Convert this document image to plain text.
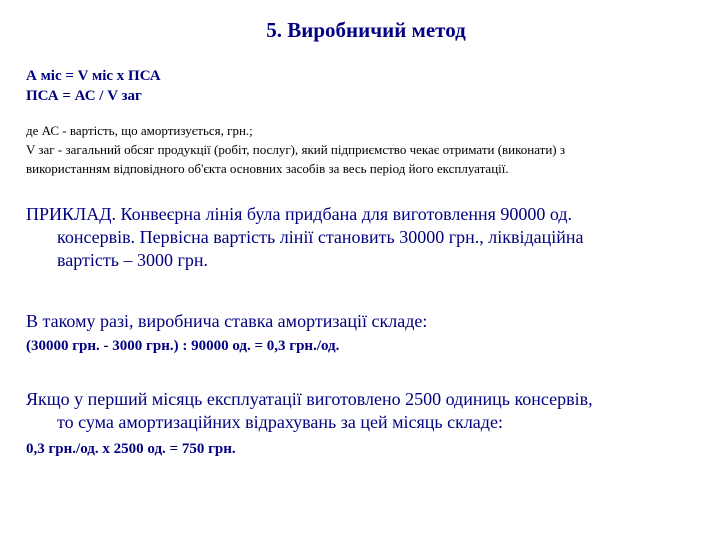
5. Виробничий метод
А міс = V міс х ПСА
ПСА = АС / V заг
де АС - вартість, що амортизується, грн.;
V заг - загальний обсяг продукції (робіт, послуг), який підприємство чекає отримати (виконати) з
використанням відповідного об'єкта основних засобів за весь період його експлуатації.
ПРИКЛАД. Конвеєрна лінія була придбана для виготовлення 90000 од.
консервів. Первісна вартість лінії становить 30000 грн., ліквідаційна
вартість – 3000 грн.
В такому разі, виробнича ставка амортизації складе:
(30000 грн. - 3000 грн.) : 90000 од. = 0,3 грн./од.
Якщо у перший місяць експлуатації виготовлено 2500 одиниць консервів,
то сума амортизаційних відрахувань за цей місяць складе:
0,3 грн./од. х 2500 од. = 750 грн.
